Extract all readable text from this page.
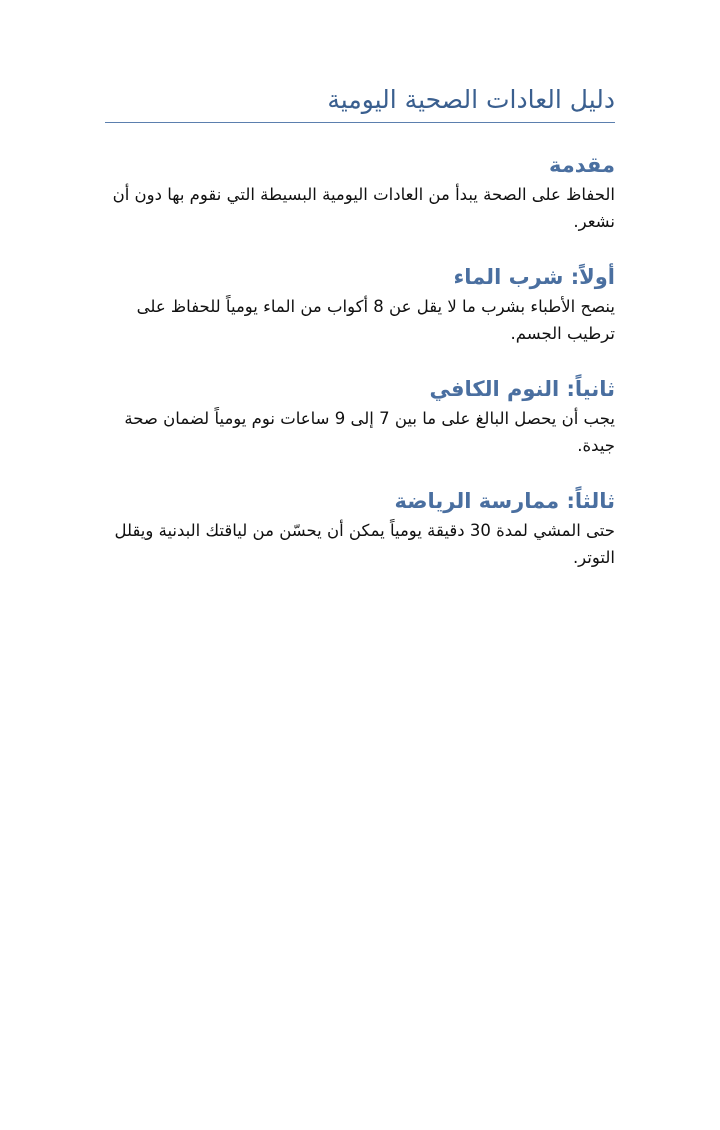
دليل العادات الصحية اليومية
مقدمة

الحفاظ على الصحة يبدأ من العادات اليومية البسيطة التي نقوم بها دون أن نشعر.

أولاً: شرب الماء

ينصح الأطباء بشرب ما لا يقل عن 8 أكواب من الماء يومياً للحفاظ على ترطيب الجسم.

ثانياً: النوم الكافي

يجب أن يحصل البالغ على ما بين 7 إلى 9 ساعات نوم يومياً لضمان صحة جيدة.

ثالثاً: ممارسة الرياضة

حتى المشي لمدة 30 دقيقة يومياً يمكن أن يحسّن من لياقتك البدنية ويقلل التوتر.
